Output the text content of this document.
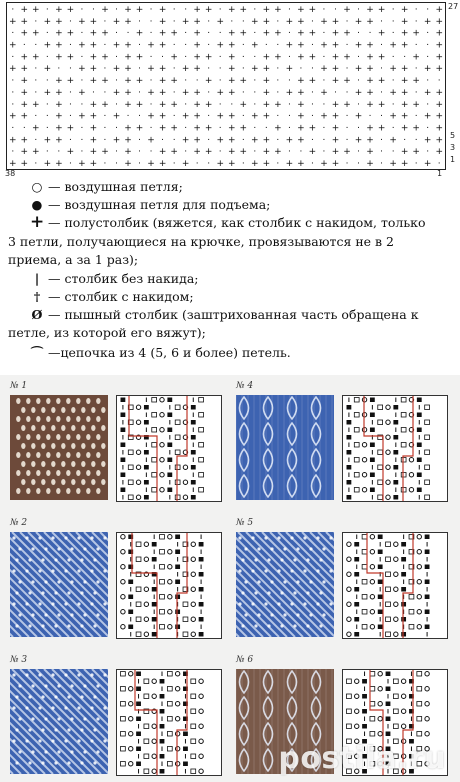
· + + · + + · · + · + + · + · · + + · + + · + + · + + · · + · + + · + · · +
+ + · + + · + + · + + · · + · + + · + · · + + · + + · + + · + + · · + · + +
· + + · + + · + + · · + · + + · + · · + + · + + · + + · + + · · + · + + · +
+ · · + + · + + · + + · + + · · + · + + · + · · + + · + + · + + · + + · · +
· + + · + + · + + · + + · · + · + + · + · · + + · + + · + + · + + · · + · +
+ + · + · · + + · + + · + + · + + · · + · + + · + · · + + · + + · + + · + +
· + · · + + · + + · + + · + + · · + · + + · + · · + + · + + · + + · + + · ·
· + · + + · + · · + + · + + · + + · + + · · + · + + · + · · + + · + + · + +
· + + · + · · + + · + + · + + · + + · · + · + + · + · · + + · + + · + + · +
+ + · · + · + + · + · · + + · + + · + + · + + · · + · + + · + · · + + · + +
· · + · + + · + · · + + · + + · + + · + + · · + · + + · + · · + + · + + · +
+ + · + + · · + · + + · + · · + + · + + · + + · + + · · + · + + · + · · + +
· + + · · + · + + · + · · + + · + + · + + · + + · · + · + + · + · · + + · +
+ + · + + · + + · · + · + + · + · · + + · + + · + + · + + · · + · + + · + ·
27
5
3
1
38	1
○ — воздушная петля;
● — воздушная петля для подъема;
+ — полустолбик (вяжется, как столбик с накидом, только
3 петли, получающиеся на крючке, провязываются не в 2
приема, а за 1 раз);
| — столбик без накида;
† — столбик с накидом;
Ø — пышный столбик (заштрихованная часть обращена к
петле, из которой его вяжут);
⌒ —цепочка из 4 (5, 6 и более) петель.
№ 1
№ 2
№ 3
№ 4
№ 5
№ 6
postila.ru
